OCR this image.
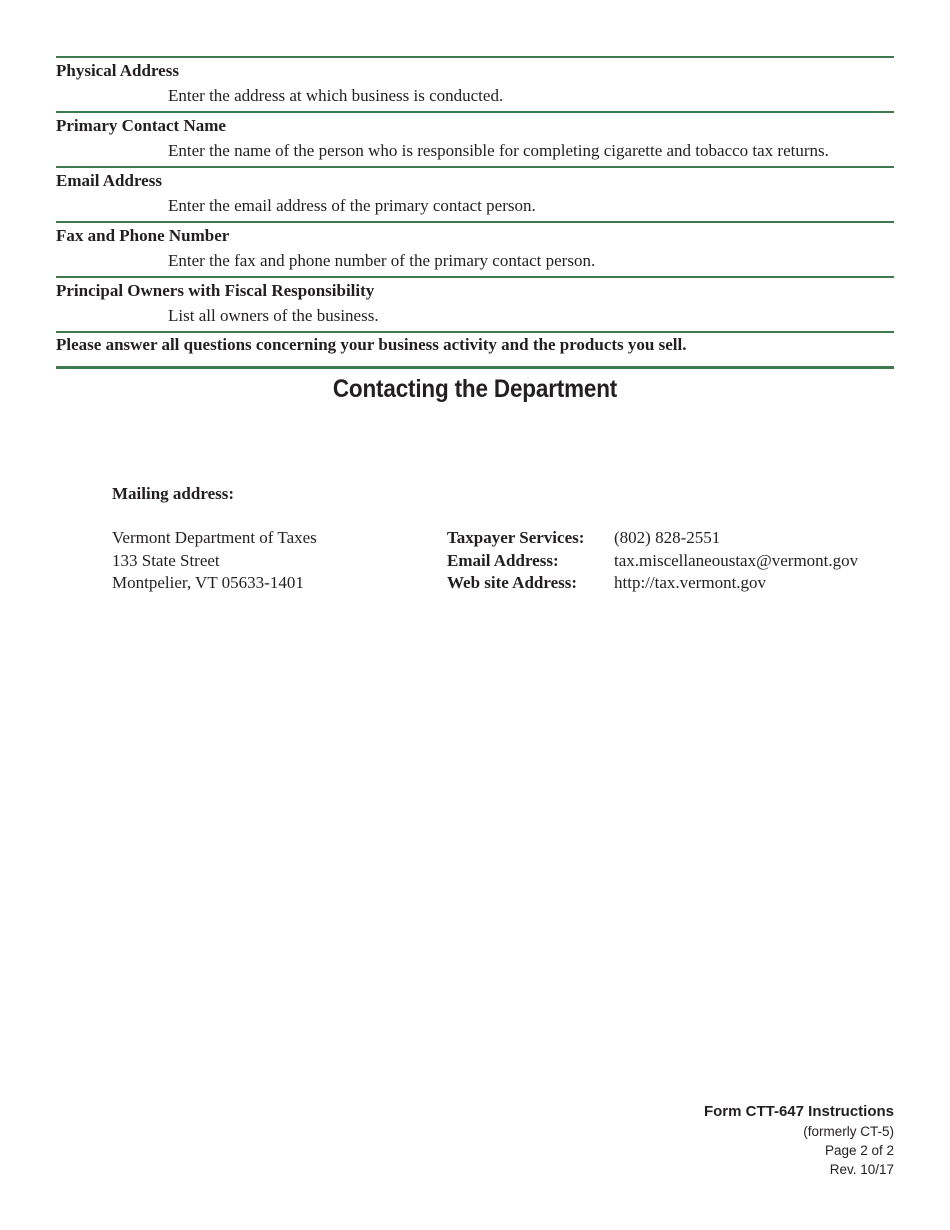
Physical Address
Enter the address at which business is conducted.
Primary Contact Name
Enter the name of the person who is responsible for completing cigarette and tobacco tax returns.
Email Address
Enter the email address of the primary contact person.
Fax and Phone Number
Enter the fax and phone number of the primary contact person.
Principal Owners with Fiscal Responsibility
List all owners of the business.
Please answer all questions concerning your business activity and the products you sell.
Contacting the Department
Mailing address:
Vermont Department of Taxes
133 State Street
Montpelier, VT 05633-1401
Taxpayer Services:	(802) 828-2551
Email Address:	tax.miscellaneoustax@vermont.gov
Web site Address:	http://tax.vermont.gov
Form CTT-647 Instructions
(formerly CT-5)
Page 2 of 2
Rev. 10/17
